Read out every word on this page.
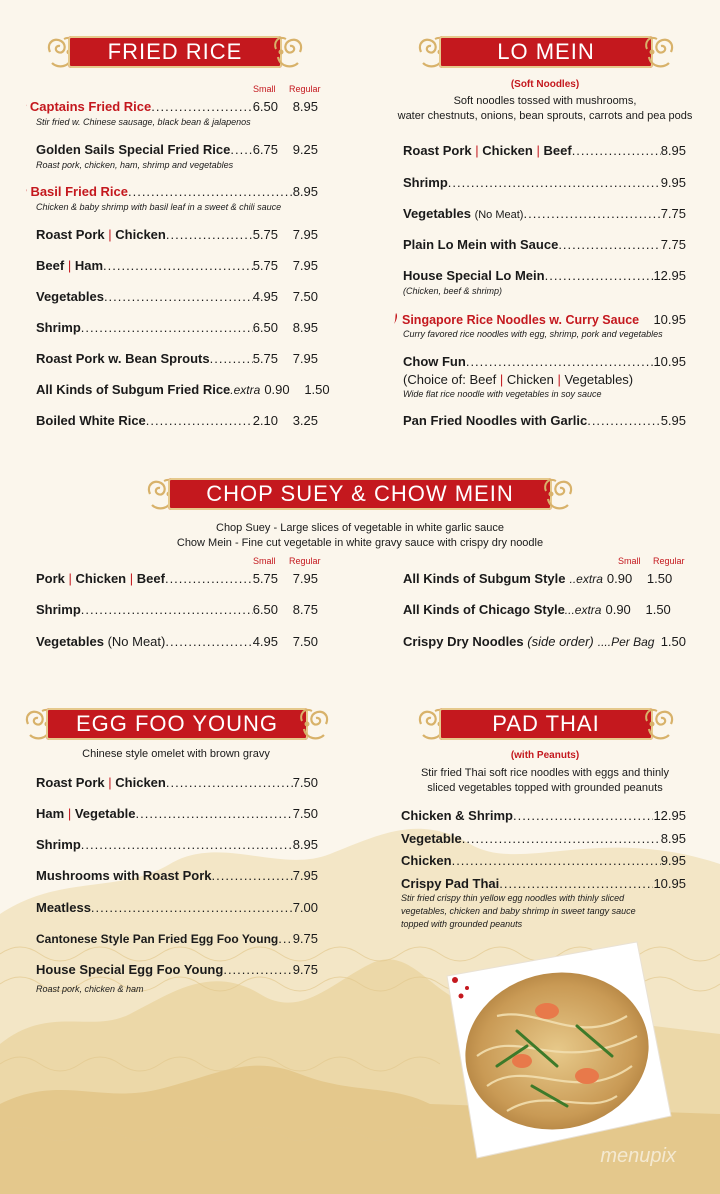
FRIED RICE
Small Regular
Captains Fried Rice .....	6.50	8.95
Stir fried w. Chinese sausage, black bean & jalapenos
Golden Sails Special Fried Rice ..... 6.75	9.25
Roast pork, chicken, ham, shrimp and vegetables
Basil Fried Rice .....	8.95
Chicken & baby shrimp with basil leaf in a sweet & chili sauce
Roast Pork | Chicken .....	5.75	7.95
Beef | Ham .....	5.75	7.95
Vegetables .....	4.95	7.50
Shrimp .....	6.50	8.95
Roast Pork w. Bean Sprouts .....	5.75	7.95
All Kinds of Subgum Fried Rice .extra 0.90	1.50
Boiled White Rice .....	2.10	3.25
LO MEIN
(Soft Noodles)
Soft noodles tossed with mushrooms,
water chestnuts, onions, bean sprouts, carrots and pea pods
Roast Pork | Chicken | Beef .....	8.95
Shrimp .....	9.95
Vegetables (No Meat) .....	7.75
Plain Lo Mein with Sauce .....	7.75
House Special Lo Mein .....	12.95
(Chicken, beef & shrimp)
Singapore Rice Noodles w. Curry Sauce 10.95
Curry favored rice noodles with egg, shrimp, pork and vegetables
Chow Fun .....	10.95
(Choice of: Beef | Chicken | Vegetables)
Wide flat rice noodle with vegetables in soy sauce
Pan Fried Noodles with Garlic .....	5.95
CHOP SUEY & CHOW MEIN
Chop Suey - Large slices of vegetable in white garlic sauce
Chow Mein - Fine cut vegetable in white gravy sauce with crispy dry noodle
Small Regular	Small Regular
Pork | Chicken | Beef .....	5.75	7.95
Shrimp .....	6.50	8.75
Vegetables (No Meat) .....	4.95	7.50
All Kinds of Subgum Style ..extra 0.90	1.50
All Kinds of Chicago Style ...extra 0.90	1.50
Crispy Dry Noodles (side order) ....Per Bag 1.50
EGG FOO YOUNG
Chinese style omelet with brown gravy
Roast Pork | Chicken .....	7.50
Ham | Vegetable .....	7.50
Shrimp .....	8.95
Mushrooms with Roast Pork .....	7.95
Meatless .....	7.00
Cantonese Style Pan Fried Egg Foo Young ..... 9.75
House Special Egg Foo Young .....	9.75
Roast pork, chicken & ham
PAD THAI
(with Peanuts)
Stir fried Thai soft rice noodles with eggs and thinly
sliced vegetables topped with grounded peanuts
Chicken & Shrimp .....	12.95
Vegetable .....	8.95
Chicken .....	9.95
Crispy Pad Thai .....	10.95
Stir fried crispy thin yellow egg noodles with thinly sliced
vegetables, chicken and baby shrimp in sweet tangy sauce
topped with grounded peanuts
menupix
